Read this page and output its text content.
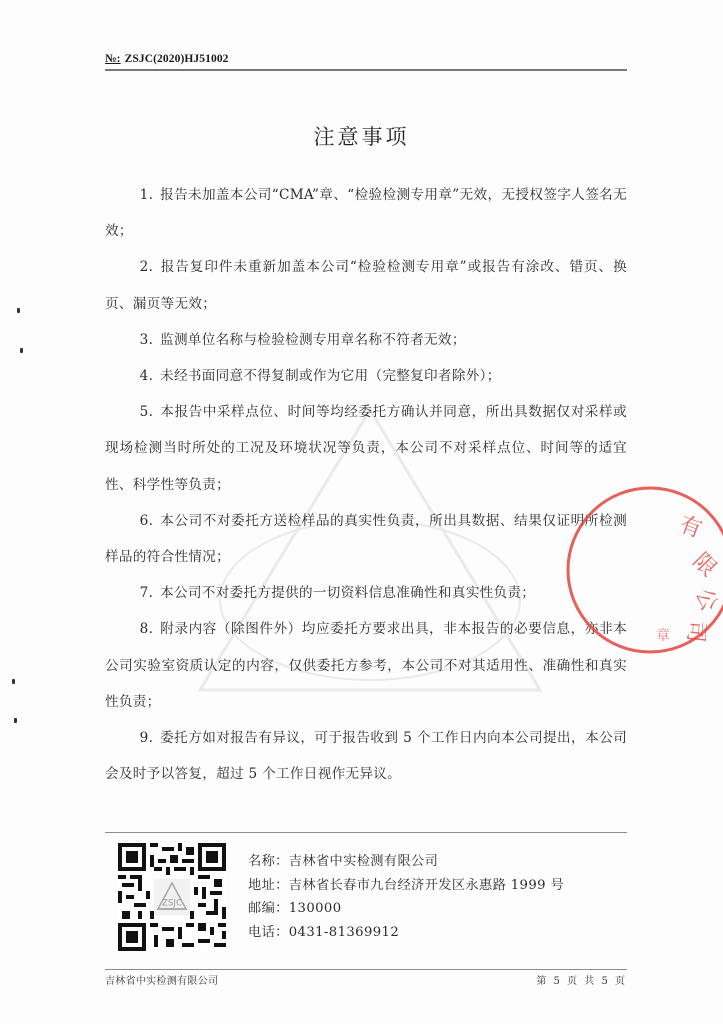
№: ZSJC(2020)HJ51002
注意事项

1. 报告未加盖本公司“CMA”章、“检验检测专用章”无效，无授权签字人签名无效；

2. 报告复印件未重新加盖本公司“检验检测专用章”或报告有涂改、错页、换页、漏页等无效；

3. 监测单位名称与检验检测专用章名称不符者无效；

4. 未经书面同意不得复制或作为它用（完整复印者除外）；

5. 本报告中采样点位、时间等均经委托方确认并同意，所出具数据仅对采样或现场检测当时所处的工况及环境状况等负责，本公司不对采样点位、时间等的适宜性、科学性等负责；

6. 本公司不对委托方送检样品的真实性负责，所出具数据、结果仅证明所检测样品的符合性情况；

7. 本公司不对委托方提供的一切资料信息准确性和真实性负责；

8. 附录内容（除图件外）均应委托方要求出具，非本报告的必要信息，亦非本公司实验室资质认定的内容，仅供委托方参考，本公司不对其适用性、准确性和真实性负责；

9. 委托方如对报告有异议，可于报告收到 5 个工作日内向本公司提出，本公司会及时予以答复，超过 5 个工作日视作无异议。

有
限
公
司
章
ZSJC
名称：吉林省中实检测有限公司
地址：吉林省长春市九台经济开发区永惠路 1999 号
邮编：130000
电话：0431-81369912
吉林省中实检测有限公司	第 5 页 共 5 页
